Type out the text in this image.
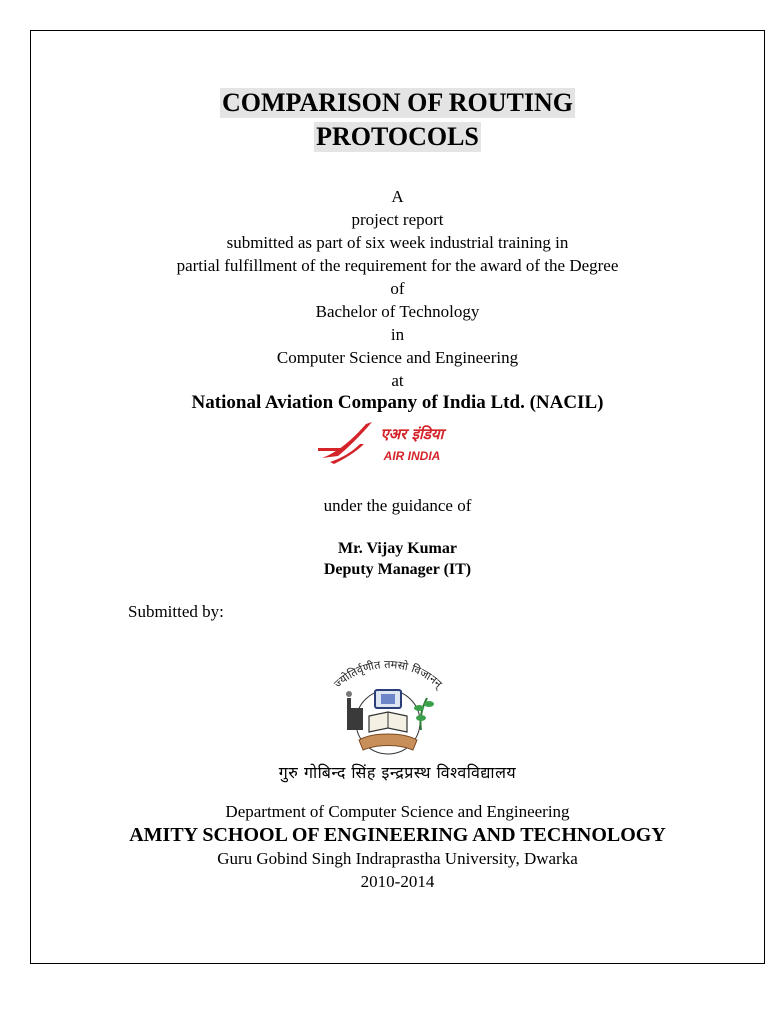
COMPARISON OF ROUTING
PROTOCOLS

A

project report

submitted as part of six week industrial training in

partial fulfillment of the requirement for the award of the Degree

of

Bachelor of Technology

in

Computer Science and Engineering

at

National Aviation Company of India Ltd. (NACIL)
एअर इंडिया
AIR INDIA

under the guidance of

Mr. Vijay Kumar

Deputy Manager (IT)

Submitted by:
ज्योतिर्वृणीत तमसो विजानन्
गुरु गोबिन्द सिंह इन्द्रप्रस्थ विश्वविद्यालय

Department of Computer Science and Engineering

AMITY SCHOOL OF ENGINEERING AND TECHNOLOGY

Guru Gobind Singh Indraprastha University, Dwarka

2010-2014
